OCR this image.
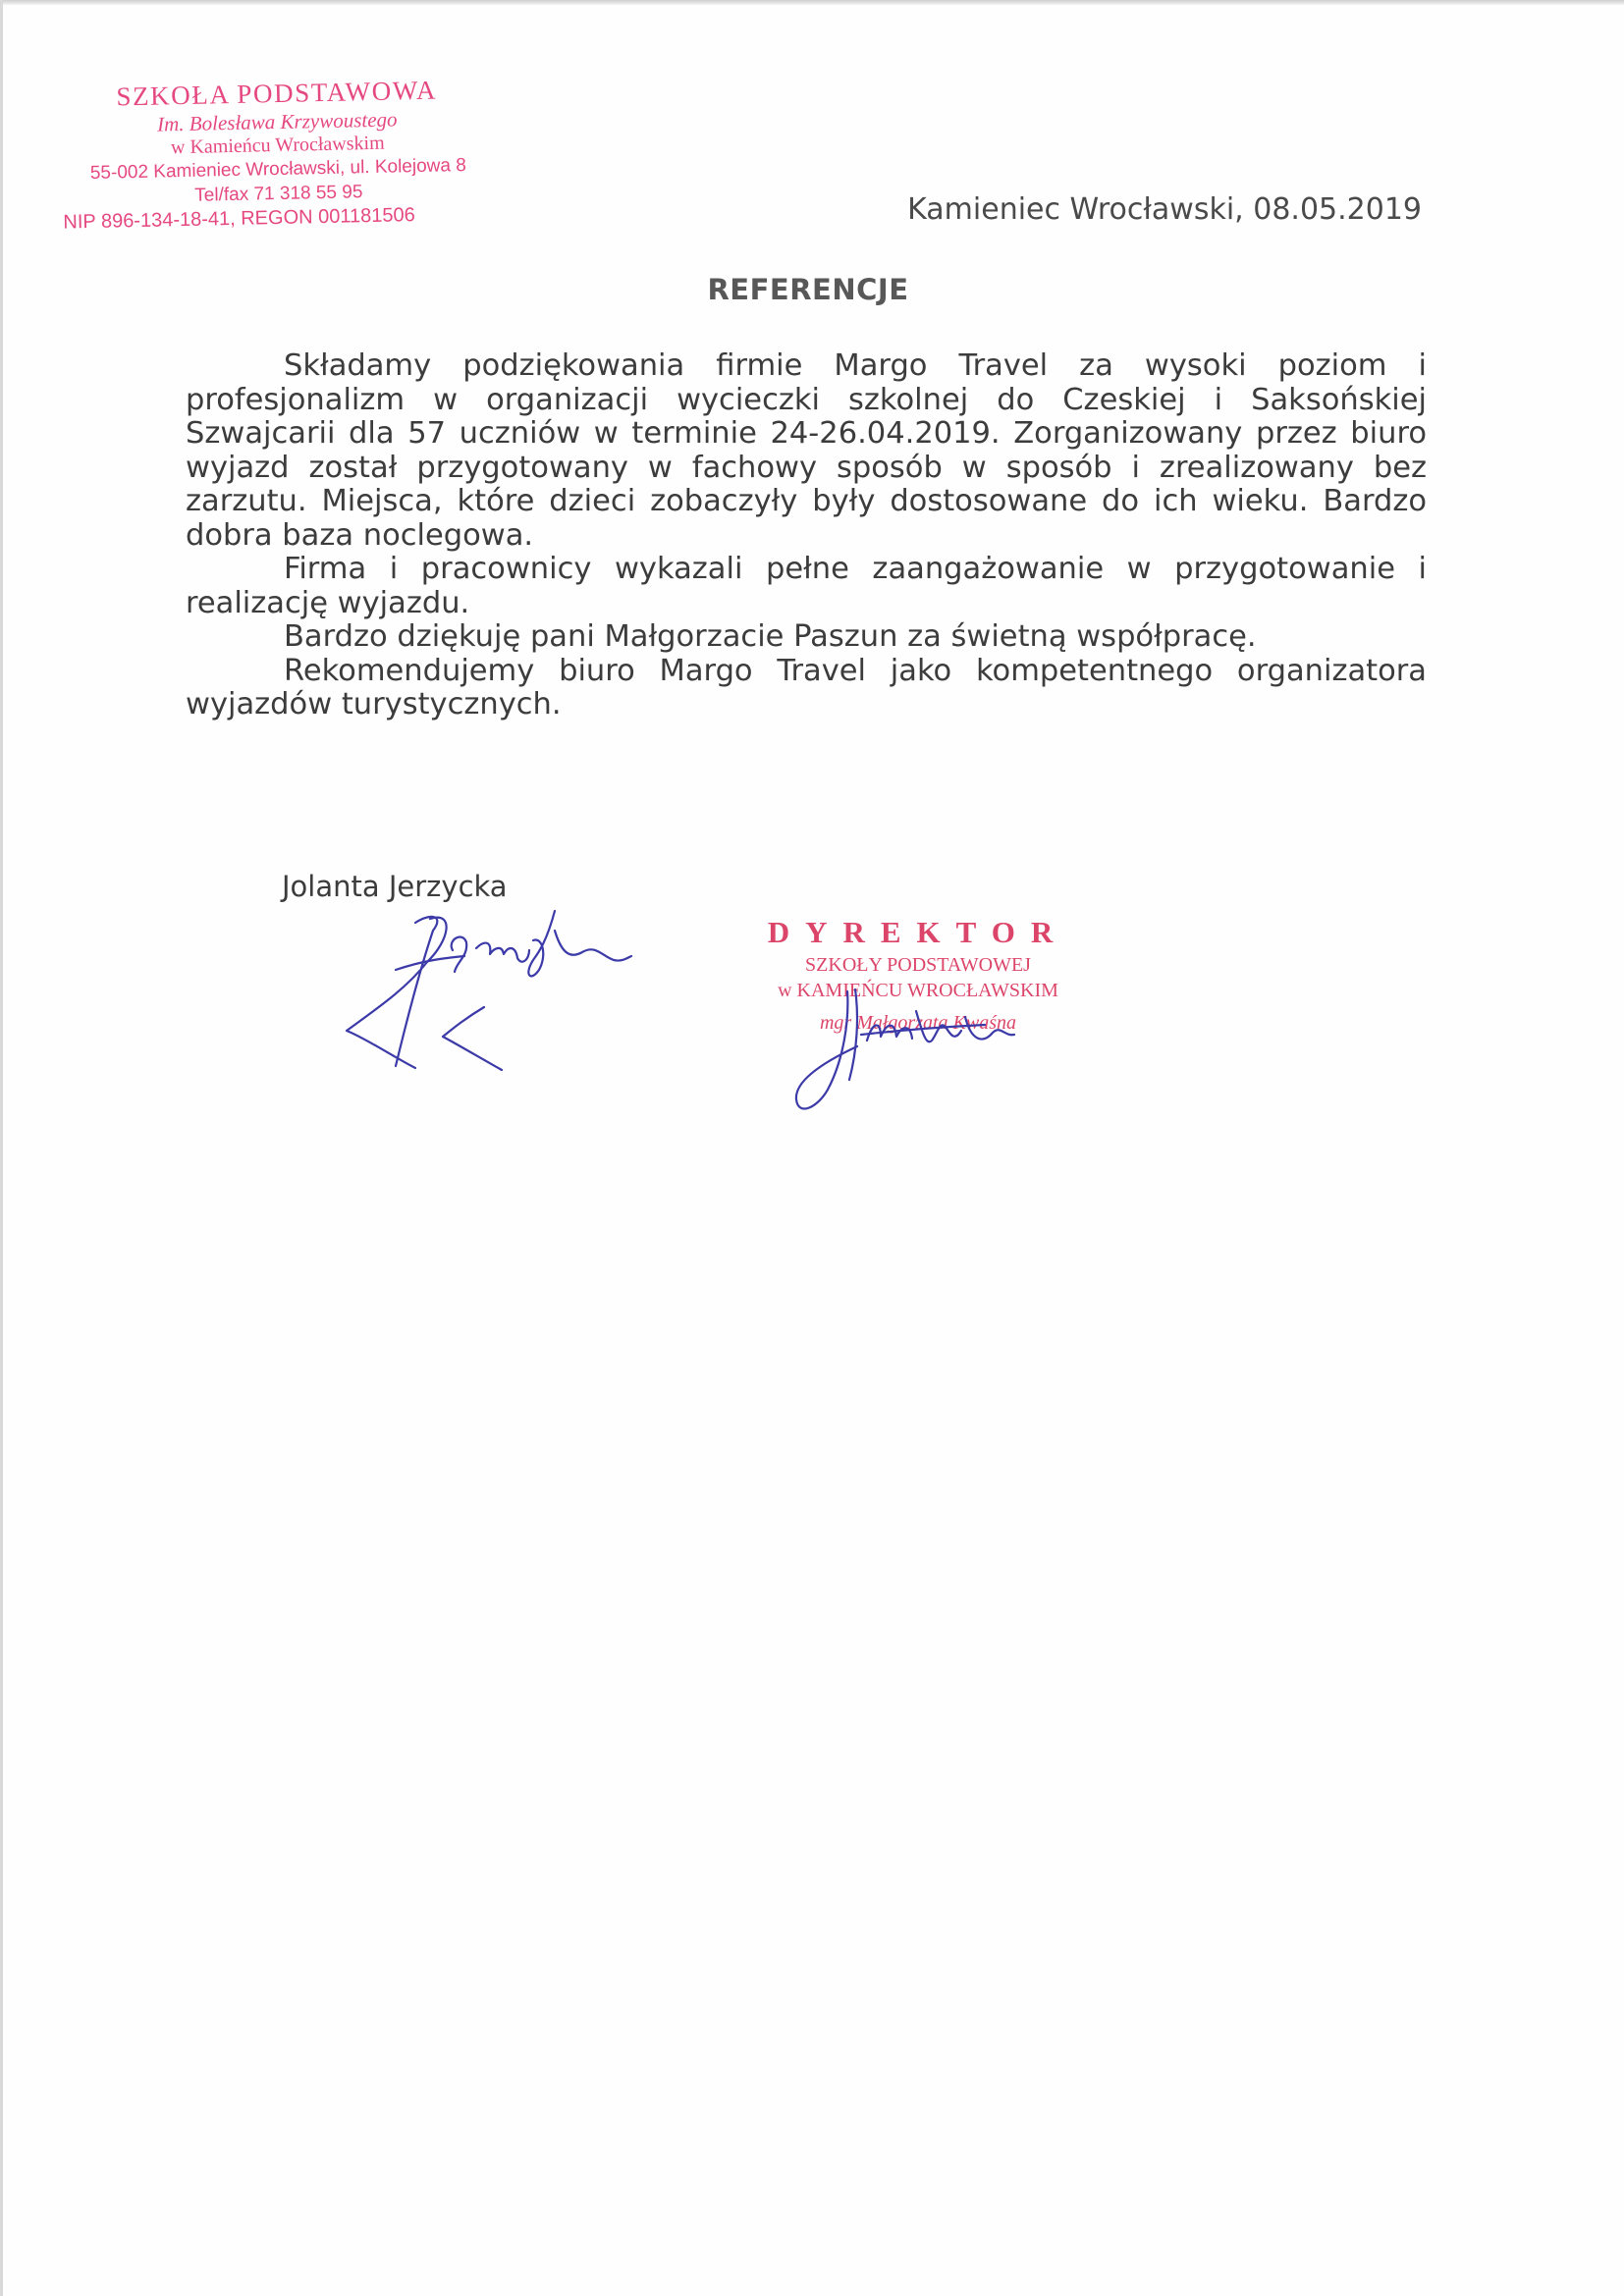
SZKOŁA PODSTAWOWA
Im. Bolesława Krzywoustego
w Kamieńcu Wrocławskim
55-002 Kamieniec Wrocławski, ul. Kolejowa 8
Tel/fax 71 318 55 95
NIP 896-134-18-41, REGON 001181506	Kamieniec Wrocławski, 08.05.2019
REFERENCJE

Składamy podziękowania firmie Margo Travel za wysoki poziom i profesjonalizm w organizacji wycieczki szkolnej do Czeskiej i Saksońskiej Szwajcarii dla 57 uczniów w terminie 24-26.04.2019. Zorganizowany przez biuro wyjazd został przygotowany w fachowy sposób w sposób i zrealizowany bez zarzutu. Miejsca, które dzieci zobaczyły były dostosowane do ich wieku. Bardzo dobra baza noclegowa.

Firma i pracownicy wykazali pełne zaangażowanie w przygotowanie i realizację wyjazdu.

Bardzo dziękuję pani Małgorzacie Paszun za świetną współpracę.

Rekomendujemy biuro Margo Travel jako kompetentnego organizatora wyjazdów turystycznych.

Jolanta Jerzycka
DYREKTOR
SZKOŁY PODSTAWOWEJ
w KAMIEŃCU WROCŁAWSKIM
mgr Małgorzata Kwaśna
